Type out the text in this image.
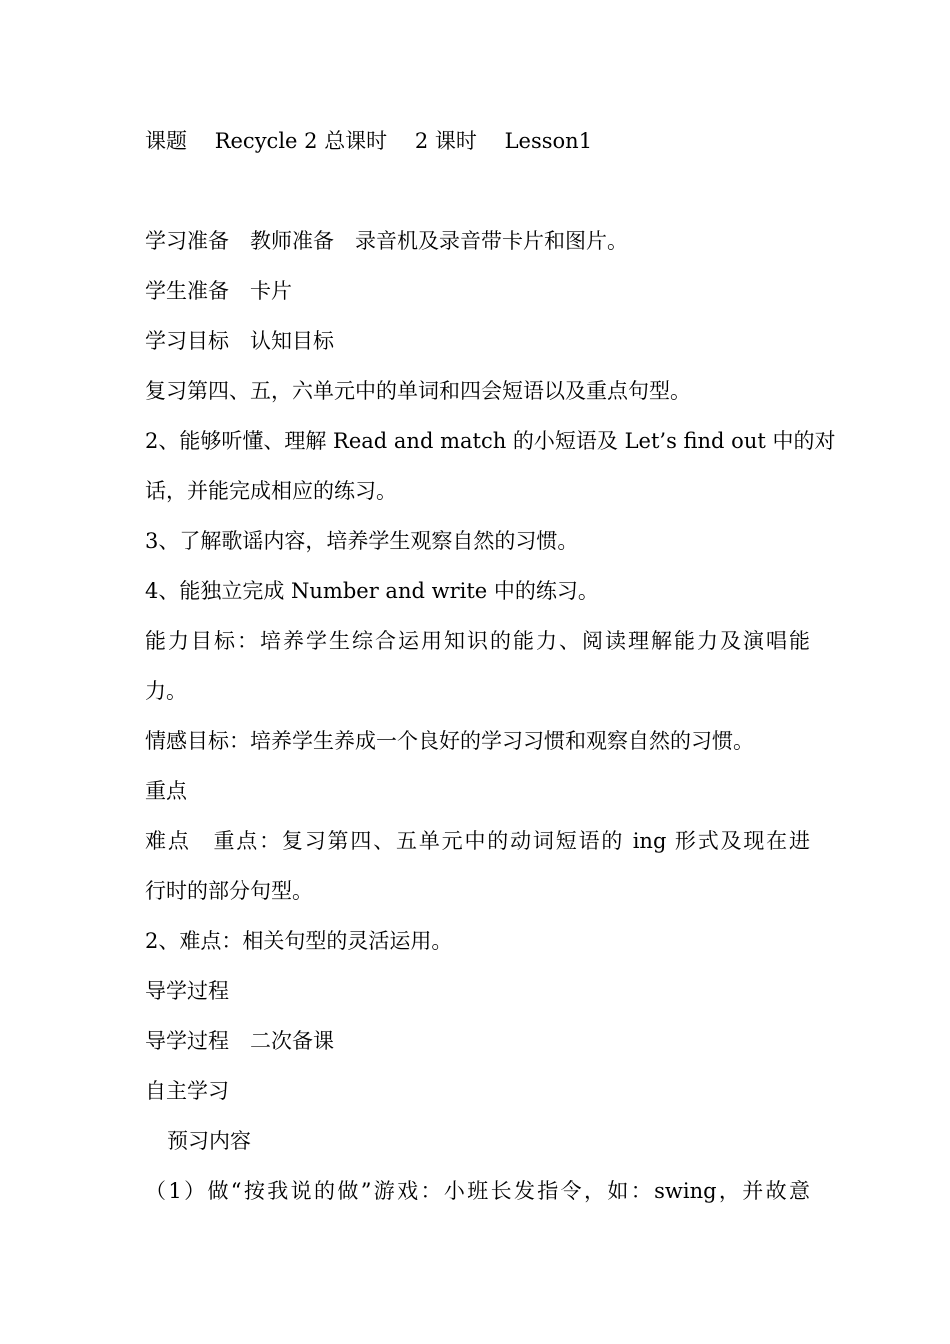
课题 Recycle 2 总课时 2 课时 Lesson1
学习准备　教师准备　录音机及录音带卡片和图片。
学生准备　卡片
学习目标　认知目标
复习第四、五，六单元中的单词和四会短语以及重点句型。
2、能够听懂、理解 Read and match 的小短语及 Let’s find out 中的对
话，并能完成相应的练习。
3、了解歌谣内容，培养学生观察自然的习惯。
4、能独立完成 Number and write 中的练习。
能力目标：培养学生综合运用知识的能力、阅读理解能力及演唱能
力。
情感目标：培养学生养成一个良好的学习习惯和观察自然的习惯。
重点
难点　重点：复习第四、五单元中的动词短语的 ing 形式及现在进
行时的部分句型。
2、难点：相关句型的灵活运用。
导学过程
导学过程　二次备课
自主学习
预习内容
（1）做“按我说的做”游戏：小班长发指令，如：swing，并故意
